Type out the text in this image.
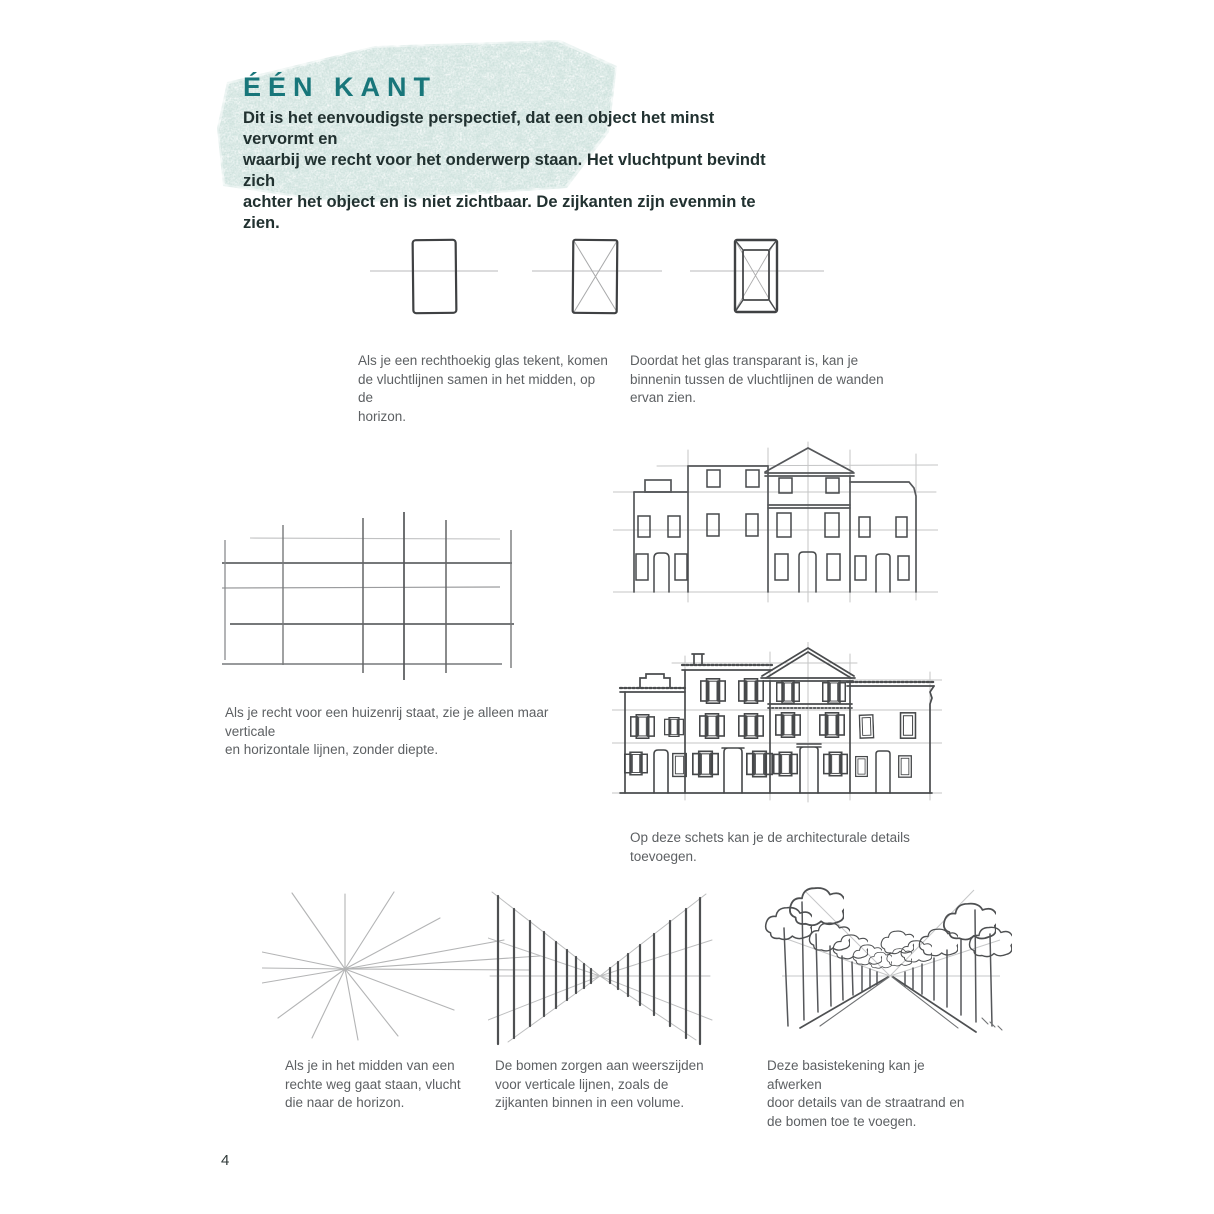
ÉÉN KANT
Dit is het eenvoudigste perspectief, dat een object het minst vervormt en
waarbij we recht voor het onderwerp staan. Het vluchtpunt bevindt zich
achter het object en is niet zichtbaar. De zijkanten zijn evenmin te zien.
Als je een rechthoekig glas tekent, komen
de vluchtlijnen samen in het midden, op de
horizon.
Doordat het glas transparant is, kan je
binnenin tussen de vluchtlijnen de wanden
ervan zien.
Als je recht voor een huizenrij staat, zie je alleen maar verticale
en horizontale lijnen, zonder diepte.
Op deze schets kan je de architecturale details toevoegen.
Als je in het midden van een
rechte weg gaat staan, vlucht
die naar de horizon.
De bomen zorgen aan weerszijden
voor verticale lijnen, zoals de
zijkanten binnen in een volume.
Deze basistekening kan je afwerken
door details van de straatrand en
de bomen toe te voegen.
4
